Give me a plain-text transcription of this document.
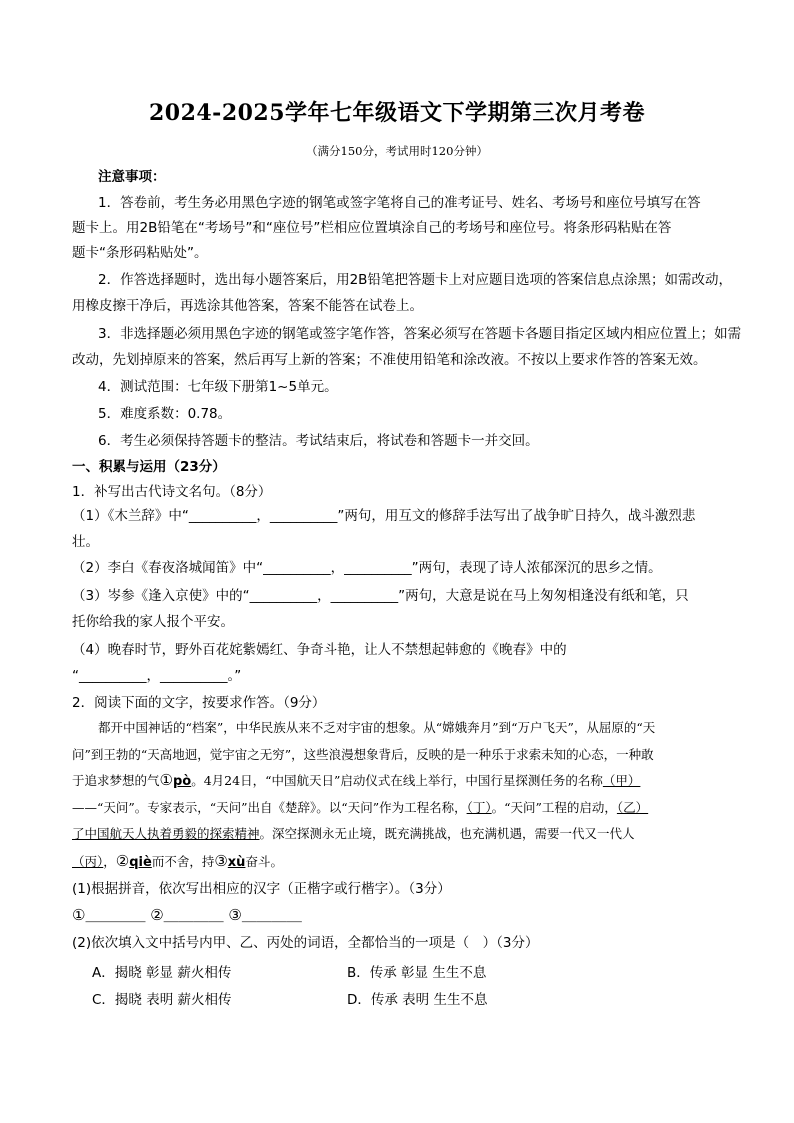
2024-2025学年七年级语文下学期第三次月考卷
（满分150分，考试用时120分钟）
注意事项：
1．答卷前，考生务必用黑色字迹的钢笔或签字笔将自己的准考证号、姓名、考场号和座位号填写在答
题卡上。用2B铅笔在“考场号”和“座位号”栏相应位置填涂自己的考场号和座位号。将条形码粘贴在答
题卡“条形码粘贴处”。
2．作答选择题时，选出每小题答案后，用2B铅笔把答题卡上对应题目选项的答案信息点涂黑；如需改动，
用橡皮擦干净后，再选涂其他答案，答案不能答在试卷上。
3．非选择题必须用黑色字迹的钢笔或签字笔作答，答案必须写在答题卡各题目指定区域内相应位置上；如需
改动，先划掉原来的答案，然后再写上新的答案；不准使用铅笔和涂改液。不按以上要求作答的答案无效。
4．测试范围：七年级下册第1~5单元。
5．难度系数：0.78。
6．考生必须保持答题卡的整洁。考试结束后，将试卷和答题卡一并交回。
一、积累与运用（23分）
1．补写出古代诗文名句。（8分）
（1）《木兰辞》中“__________，__________”两句，用互文的修辞手法写出了战争旷日持久，战斗激烈悲
壮。
（2）李白《春夜洛城闻笛》中“__________，__________”两句，表现了诗人浓郁深沉的思乡之情。
（3）岑参《逢入京使》中的“__________，__________”两句，大意是说在马上匆匆相逢没有纸和笔，只
托你给我的家人报个平安。
（4）晚春时节，野外百花姹紫嫣红、争奇斗艳，让人不禁想起韩愈的《晚春》中的
“__________，__________。”
2．阅读下面的文字，按要求作答。（9分）
都开中国神话的“档案”，中华民族从来不乏对宇宙的想象。从“嫦娥奔月”到“万户飞天”，从屈原的“天
问”到王勃的“天高地迥，觉宇宙之无穷”，这些浪漫想象背后，反映的是一种乐于求索未知的心态，一种敢
于追求梦想的气①pò。4月24日，“中国航天日”启动仪式在线上举行，中国行星探测任务的名称（甲）
——“天问”。专家表示，“天问”出自《楚辞》。以“天问”作为工程名称，（丁）。“天问”工程的启动，（乙）
了中国航天人执着勇毅的探索精神。深空探测永无止境，既充满挑战，也充满机遇，需要一代又一代人
（丙），②qiè而不舍，持③xù奋斗。
(1)根据拼音，依次写出相应的汉字（正楷字或行楷字）。（3分）
①＿＿＿＿ ②＿＿＿＿ ③＿＿＿＿
(2)依次填入文中括号内甲、乙、丙处的词语，全都恰当的一项是（　）（3分）
A．揭晓 彰显 薪火相传	B．传承 彰显 生生不息
C．揭晓 表明 薪火相传	D．传承 表明 生生不息
